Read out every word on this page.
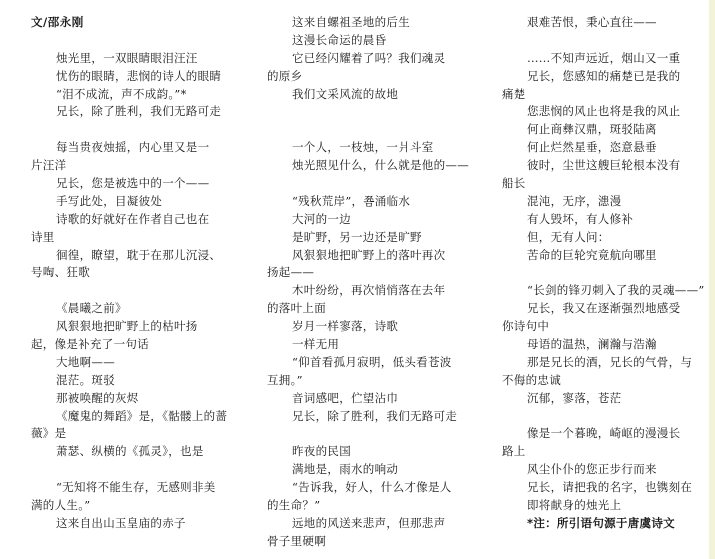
文/邵永刚
烛光里，一双眼睛眼泪汪汪
忧伤的眼睛，悲悯的诗人的眼睛
“泪不成流，声不成韵。”*
兄长，除了胜利，我们无路可走
每当贵夜烛摇，内心里又是一
片汪洋
兄长，您是被选中的一个——
手写此处，目凝彼处
诗歌的好就好在作者自己也在
诗里
徊徨，瞭望，耽于在那儿沉浸、
号啕、狂歌
《晨曦之前》
风狠狠地把旷野上的枯叶扬
起，像是补充了一句话
大地啊——
混茫。斑驳
那被唤醒的灰烬
《魔鬼的舞蹈》是，《骷髅上的蔷
薇》是
萧瑟、纵横的《孤灵》，也是
“无知将不能生存，无感则非美
满的人生。”
这来自出山玉皇庙的赤子
这来自螺祖圣地的后生
这漫长命运的晨昏
它已经闪耀着了吗？我们魂灵
的原乡
我们文采风流的故地
一个人，一枝烛，一爿斗室
烛光照见什么，什么就是他的——
“残秋荒岸”，쬼涌临水
大河的一边
是旷野，另一边还是旷野
风狠狠地把旷野上的落叶再次
扬起——
木叶纷纷，再次悄悄落在去年
的落叶上面
岁月一样寥落，诗歌
一样无用
“仰首看孤月寂明，低头看苍波
互拥。”
音词感吧，伫望沾巾
兄长，除了胜利，我们无路可走
昨夜的民国
满地是，雨水的响动
“告诉我，好人，什么才像是人
的生命？”
远地的风送来悲声，但那悲声
骨子里硬啊
艰难苦恨，秉心直往——
……不知声远近，烟山又一重
兄长，您感知的痛楚已是我的
痛楚
您悲悯的风止也将是我的风止
何止商彝汉鼎，斑驳陆离
何止烂然星垂，恣意悬垂
彼时，尘世这艘巨轮根本没有
船长
混沌，无序，漶漫
有人毁坏，有人修补
但，无有人问：
苦命的巨轮究竟航向哪里
“长剑的锋刃刺入了我的灵魂——”
兄长，我又在逐渐强烈地感受
你诗句中
母语的温热，澜瀚与浩瀚
那是兄长的酒，兄长的气骨，与
不侮的忠诚
沉郁，寥落，苍茫
像是一个暮晚，崎岖的漫漫长
路上
风尘仆仆的您正步行而来
兄长，请把我的名字，也镌刻在
即将献身的烛光上
*注：所引语句源于唐虞诗文
